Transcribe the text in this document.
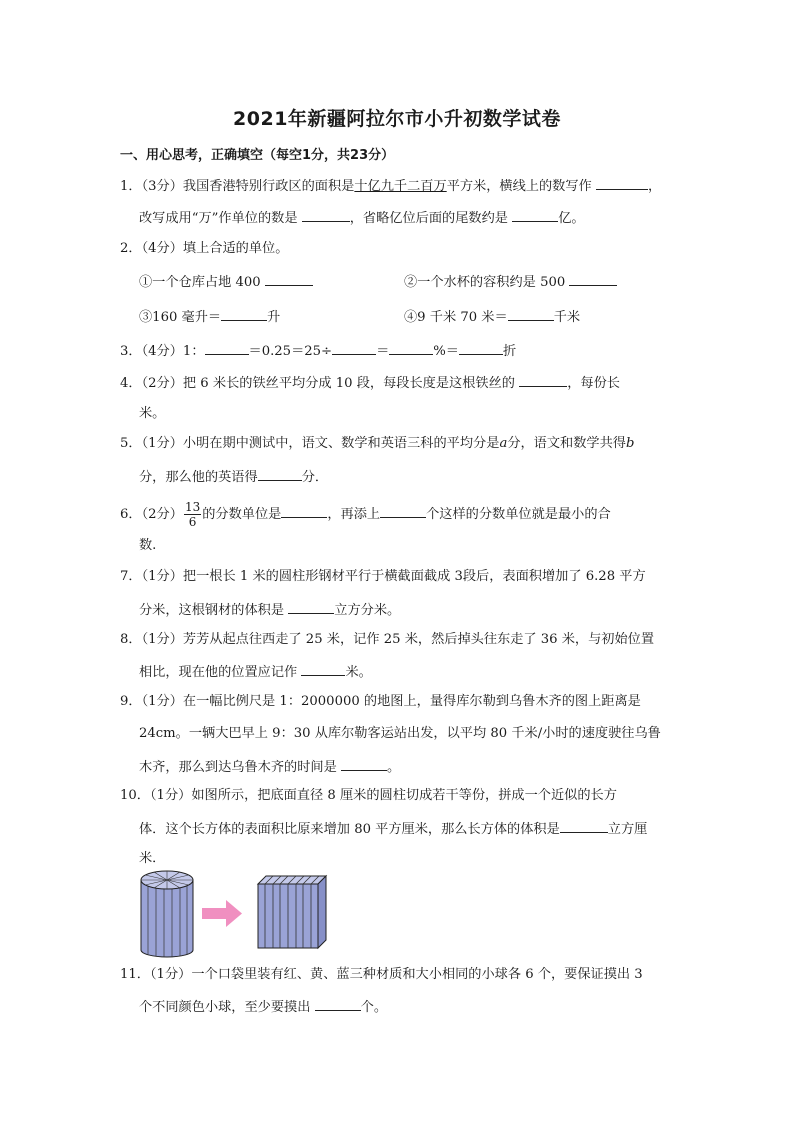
2021年新疆阿拉尔市小升初数学试卷
一、用心思考，正确填空（每空1分，共23分）
1．（3分）我国香港特别行政区的面积是十亿九千二百万平方米，横线上的数写作	，
改写成用“万”作单位的数是	，省略亿位后面的尾数约是	亿。
2．（4分）填上合适的单位。
①一个仓库占地 400	②一个水杯的容积约是 500
③160 毫升＝	升	④9 千米 70 米＝	千米
3．（4分）1：	＝0.25＝25÷	＝	%＝	折
4．（2分）把 6 米长的铁丝平均分成 10 段，每段长度是这根铁丝的	，每份长
米。
5．（1分）小明在期中测试中，语文、数学和英语三科的平均分是a分，语文和数学共得b
分，那么他的英语得	分．
6．（2分） $\frac{13}{6}$ 的分数单位是	，再添上	个这样的分数单位就是最小的合
数.
7．（1分）把一根长 1 米的圆柱形钢材平行于横截面截成 3段后，表面积增加了 6.28 平方
分米，这根钢材的体积是	立方分米。
8．（1分）芳芳从起点往西走了 25 米，记作 25 米，然后掉头往东走了 36 米，与初始位置
相比，现在他的位置应记作	米。
9．（1分）在一幅比例尺是 1：2000000 的地图上，量得库尔勒到乌鲁木齐的图上距离是
24cm。一辆大巴早上 9：30 从库尔勒客运站出发，以平均 80 千米/小时的速度驶往乌鲁
木齐，那么到达乌鲁木齐的时间是	。
10．（1分）如图所示，把底面直径 8 厘米的圆柱切成若干等份，拼成一个近似的长方
体．这个长方体的表面积比原来增加 80 平方厘米，那么长方体的体积是	立方厘
米．
11．（1分）一个口袋里装有红、黄、蓝三种材质和大小相同的小球各 6 个，要保证摸出 3
个不同颜色小球，至少要摸出	个。
